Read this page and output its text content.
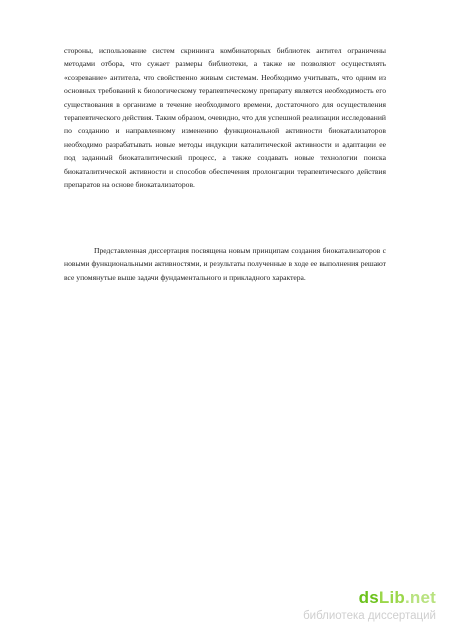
стороны, использование систем скрининга комбинаторных библиотек антител ограничены методами отбора, что сужает размеры библиотеки, а также не позволяют осуществлять «созревание» антитела, что свойственно живым системам. Необходимо учитывать, что одним из основных требований к биологическому терапевтическому препарату является необходимость его существования в организме в течение необходимого времени, достаточного для осуществления терапевтического действия. Таким образом, очевидно, что для успешной реализации исследований по созданию и направленному изменению функциональной активности биокатализаторов необходимо разрабатывать новые методы индукции каталитической активности и адаптации ее под заданный биокаталитический процесс, а также создавать новые технологии поиска биокаталитической активности и способов обеспечения пролонгации терапевтического действия препаратов на основе биокатализаторов.

Представленная диссертация посвящена новым принципам создания биокатализаторов с новыми функциональными активностями, и результаты полученные в ходе ее выполнения решают все упомянутые выше задачи фундаментального и прикладного характера.

dsLib.net
библиотека диссертаций
